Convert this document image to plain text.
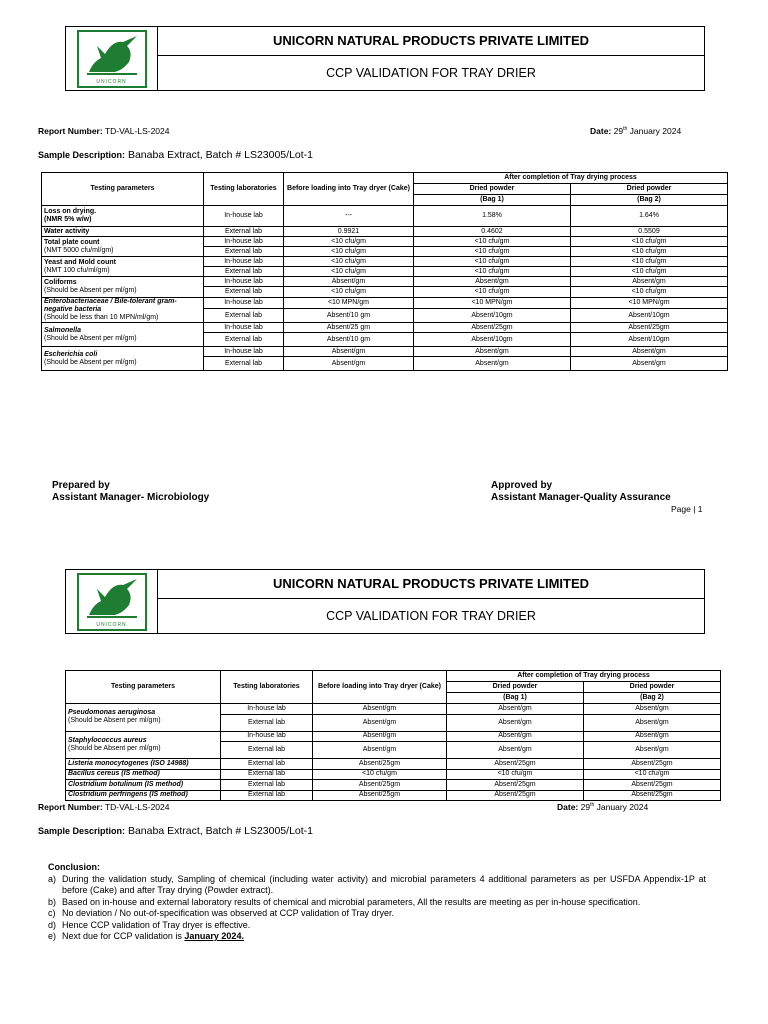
UNICORN
UNICORN NATURAL PRODUCTS PRIVATE LIMITED
CCP VALIDATION FOR TRAY DRIER
Report Number: TD-VAL-LS-2024	Date: 29th January 2024
Sample Description: Banaba Extract, Batch # LS23005/Lot-1
Testing parameters	Testing laboratories	Before loading into Tray dryer (Cake)	After completion of Tray drying process	
			Dried powder	Dried powder
			(Bag 1)	(Bag 2)

Loss on drying.
(NMR 5% w/w)	In-house lab	---	1.58%	1.64%

Water activity	External lab	0.9921	0.4602	0.5509

Total plate count
(NMT 5000 cfu/ml/gm)	In-house lab	<10 cfu/gm	<10 cfu/gm	<10 cfu/gm
	External lab	<10 cfu/gm	<10 cfu/gm	<10 cfu/gm

Yeast and Mold count
(NMT 100 cfu/ml/gm)	In-house lab	<10 cfu/gm	<10 cfu/gm	<10 cfu/gm
	External lab	<10 cfu/gm	<10 cfu/gm	<10 cfu/gm

Coliforms
(Should be Absent per ml/gm)	In-house lab	Absent/gm	Absent/gm	Absent/gm
	External lab	<10 cfu/gm	<10 cfu/gm	<10 cfu/gm

Enterobacteriaceae / Bile-tolerant gram-negative bacteria
(Should be less than 10 MPN/ml/gm)	In-house lab	<10 MPN/gm	<10 MPN/gm	<10 MPN/gm
	External lab	Absent/10 gm	Absent/10gm	Absent/10gm

Salmonella
(Should be Absent per ml/gm)	In-house lab	Absent/25 gm	Absent/25gm	Absent/25gm
	External lab	Absent/10 gm	Absent/10gm	Absent/10gm

Escherichia coli
(Should be Absent per ml/gm)	In-house lab	Absent/gm	Absent/gm	Absent/gm
	External lab	Absent/gm	Absent/gm	Absent/gm
Prepared by
Assistant Manager- Microbiology
Approved by
Assistant Manager-Quality Assurance
Page | 1
UNICORN
UNICORN NATURAL PRODUCTS PRIVATE LIMITED
CCP VALIDATION FOR TRAY DRIER
Testing parameters	Testing laboratories	Before loading into Tray dryer (Cake)	After completion of Tray drying process	
			Dried powder	Dried powder
			(Bag 1)	(Bag 2)

Pseudomonas aeruginosa
(Should be Absent per ml/gm)	In-house lab	Absent/gm	Absent/gm	Absent/gm
	External lab	Absent/gm	Absent/gm	Absent/gm

Staphylococcus aureus
(Should be Absent per ml/gm)	In-house lab	Absent/gm	Absent/gm	Absent/gm
	External lab	Absent/gm	Absent/gm	Absent/gm

Listeria monocytogenes (ISO 14988)	External lab	Absent/25gm	Absent/25gm	Absent/25gm

Bacillus cereus (IS method)	External lab	<10 cfu/gm	<10 cfu/gm	<10 cfu/gm

Clostridium botulinum (IS method)	External lab	Absent/25gm	Absent/25gm	Absent/25gm

Clostridium perfringens (IS method)	External lab	Absent/25gm	Absent/25gm	Absent/25gm
Report Number: TD-VAL-LS-2024	Date: 29th January 2024
Sample Description: Banaba Extract, Batch # LS23005/Lot-1
Conclusion:
a) During the validation study, Sampling of chemical (including water activity) and microbial parameters 4 additional parameters as per USFDA Appendix-1P at before (Cake) and after Tray drying (Powder extract).
b) Based on in-house and external laboratory results of chemical and microbial parameters, All the results are meeting as per in-house specification.
c) No deviation / No out-of-specification was observed at CCP validation of Tray dryer.
d) Hence CCP validation of Tray dryer is effective.
e) Next due for CCP validation is January 2024.
